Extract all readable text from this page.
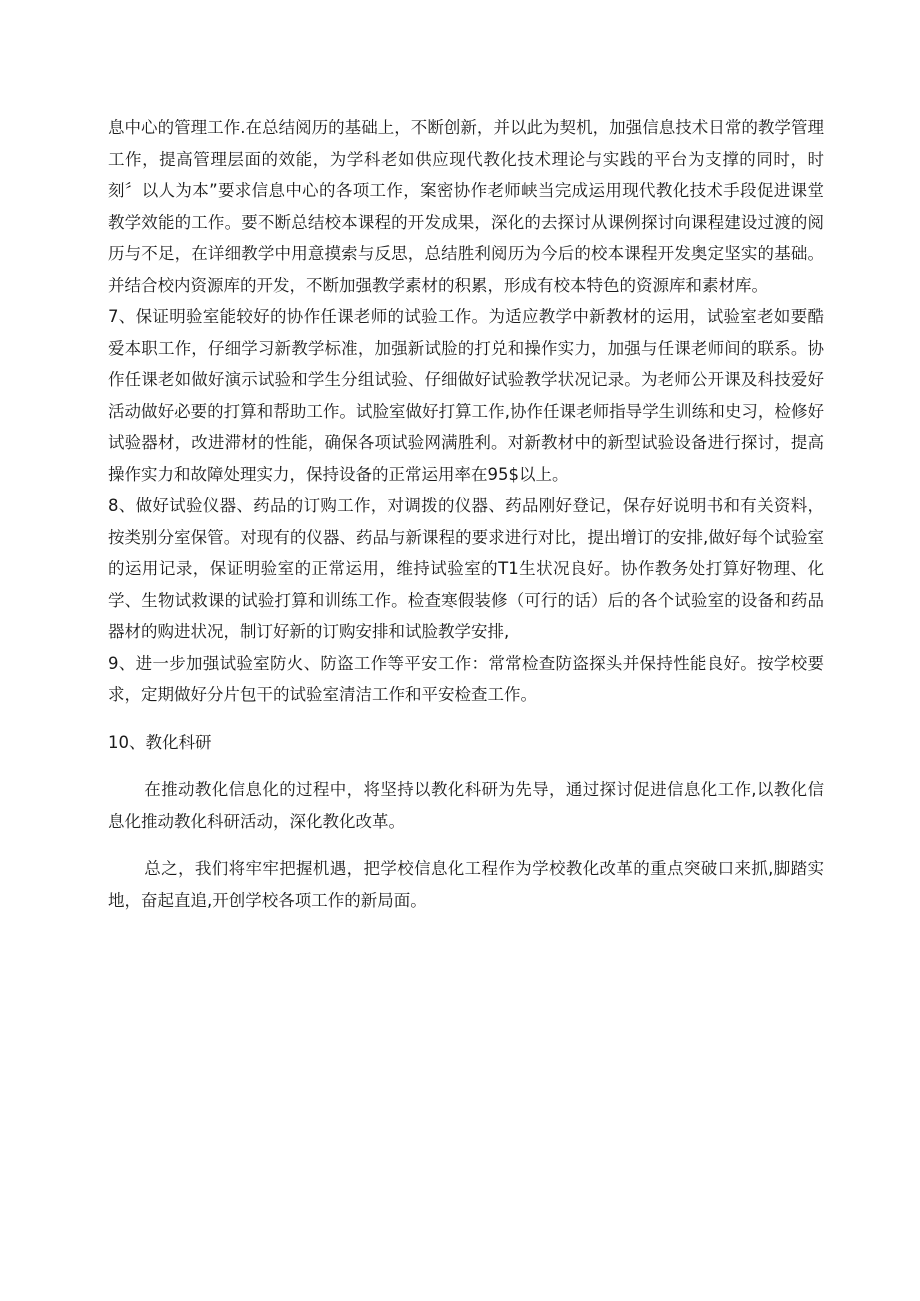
息中心的管理工作.在总结阅历的基础上，不断创新，并以此为契机，加强信息技术日常的教学管理工作，提高管理层面的效能，为学科老如供应现代教化技术理论与实践的平台为支撑的同时，时刻〞以人为本”要求信息中心的各项工作，案密协作老师峡当完成运用现代教化技术手段促进课堂教学效能的工作。要不断总结校本课程的开发成果，深化的去探讨从课例探讨向课程建设过渡的阅历与不足，在详细教学中用意摸索与反思，总结胜利阅历为今后的校本课程开发奥定坚实的基础。并结合校内资源库的开发，不断加强教学素材的积累，形成有校本特色的资源库和素材库。

7、保证明验室能较好的协作任课老师的试验工作。为适应教学中新教材的运用，试验室老如要酷爱本职工作，仔细学习新教学标准，加强新试脸的打兑和操作实力，加强与任课老师间的联系。协作任课老如做好演示试验和学生分组试验、仔细做好试验教学状况记录。为老师公开课及科技爱好活动做好必要的打算和帮助工作。试脸室做好打算工作,协作任课老师指导学生训练和史习，检修好试验器材，改进滞材的性能，确保各项试验网满胜利。对新教材中的新型试验设备进行探讨，提高操作实力和故障处理实力，保持设备的正常运用率在95$以上。

8、做好试验仪器、药品的订购工作，对调拨的仪器、药品刚好登记，保存好说明书和有关资料，按类别分室保管。对现有的仪器、药品与新课程的要求进行对比，提出增订的安排,做好每个试验室的运用记录，保证明验室的正常运用，维持试验室的T1生状况良好。协作教务处打算好物理、化学、生物试救课的试验打算和训练工作。检查寒假装修（可行的话）后的各个试验室的设备和药品器材的购进状况，制订好新的订购安排和试脸教学安排,

9、进一步加强试验室防火、防盗工作等平安工作：常常检查防盗探头并保持性能良好。按学校要求，定期做好分片包干的试验室清洁工作和平安检查工作。

10、教化科研

在推动教化信息化的过程中，将坚持以教化科研为先导，通过探讨促进信息化工作,以教化信息化推动教化科研活动，深化教化改革。

总之，我们将牢牢把握机遇，把学校信息化工程作为学校教化改革的重点突破口来抓,脚踏实地，奋起直追,开创学校各项工作的新局面。
